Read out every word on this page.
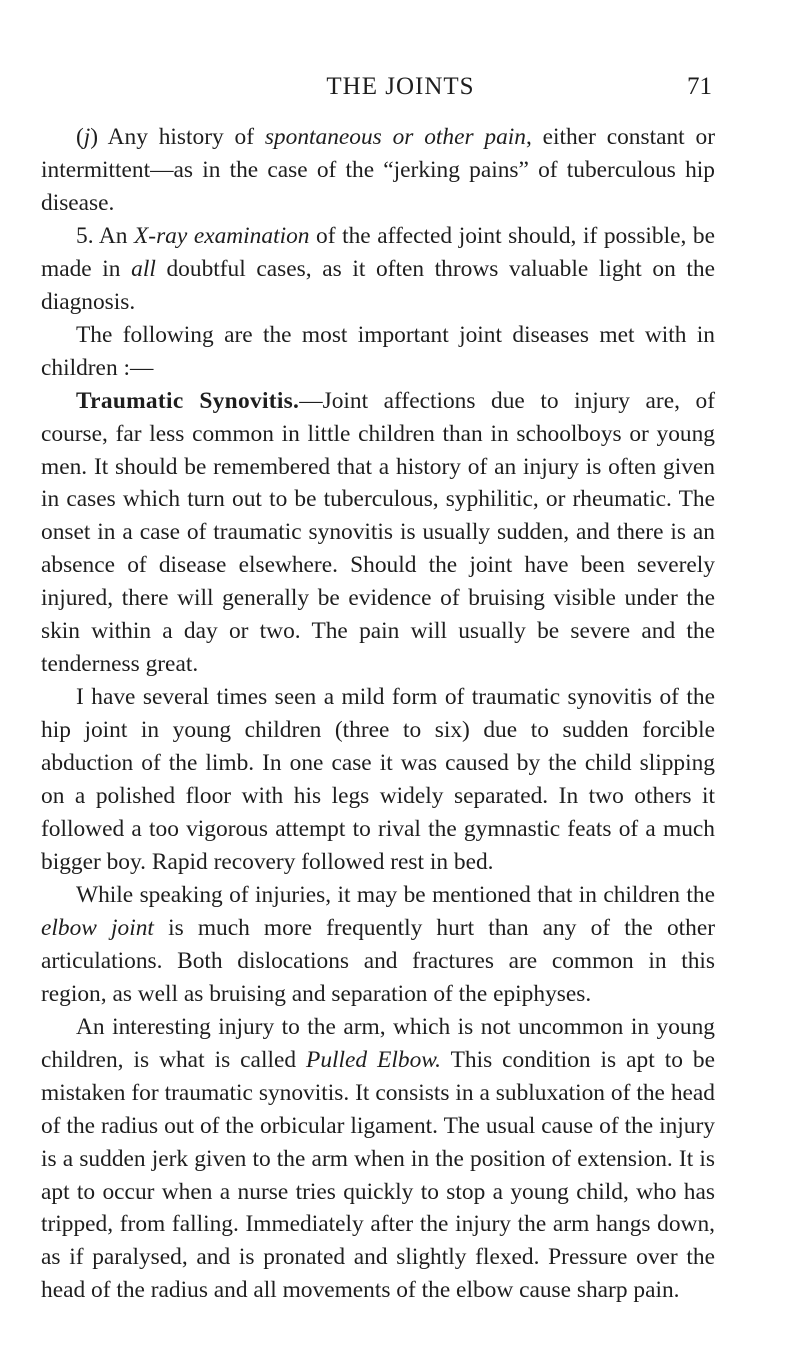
THE JOINTS	71

(j) Any history of spontaneous or other pain, either constant or intermittent—as in the case of the “jerking pains” of tuberculous hip disease.

5. An X-ray examination of the affected joint should, if possible, be made in all doubtful cases, as it often throws valuable light on the diagnosis.

The following are the most important joint diseases met with in children :—

Traumatic Synovitis.—Joint affections due to injury are, of course, far less common in little children than in schoolboys or young men. It should be remembered that a history of an injury is often given in cases which turn out to be tuberculous, syphilitic, or rheumatic. The onset in a case of traumatic synovitis is usually sudden, and there is an absence of disease elsewhere. Should the joint have been severely injured, there will generally be evidence of bruising visible under the skin within a day or two. The pain will usually be severe and the tenderness great.

I have several times seen a mild form of traumatic synovitis of the hip joint in young children (three to six) due to sudden forcible abduction of the limb. In one case it was caused by the child slipping on a polished floor with his legs widely separated. In two others it followed a too vigorous attempt to rival the gymnastic feats of a much bigger boy. Rapid recovery followed rest in bed.

While speaking of injuries, it may be mentioned that in children the elbow joint is much more frequently hurt than any of the other articulations. Both dislocations and fractures are common in this region, as well as bruising and separation of the epiphyses.

An interesting injury to the arm, which is not uncommon in young children, is what is called Pulled Elbow. This condition is apt to be mistaken for traumatic synovitis. It consists in a subluxation of the head of the radius out of the orbicular ligament. The usual cause of the injury is a sudden jerk given to the arm when in the position of extension. It is apt to occur when a nurse tries quickly to stop a young child, who has tripped, from falling. Immediately after the injury the arm hangs down, as if paralysed, and is pronated and slightly flexed. Pressure over the head of the radius and all movements of the elbow cause sharp pain.
